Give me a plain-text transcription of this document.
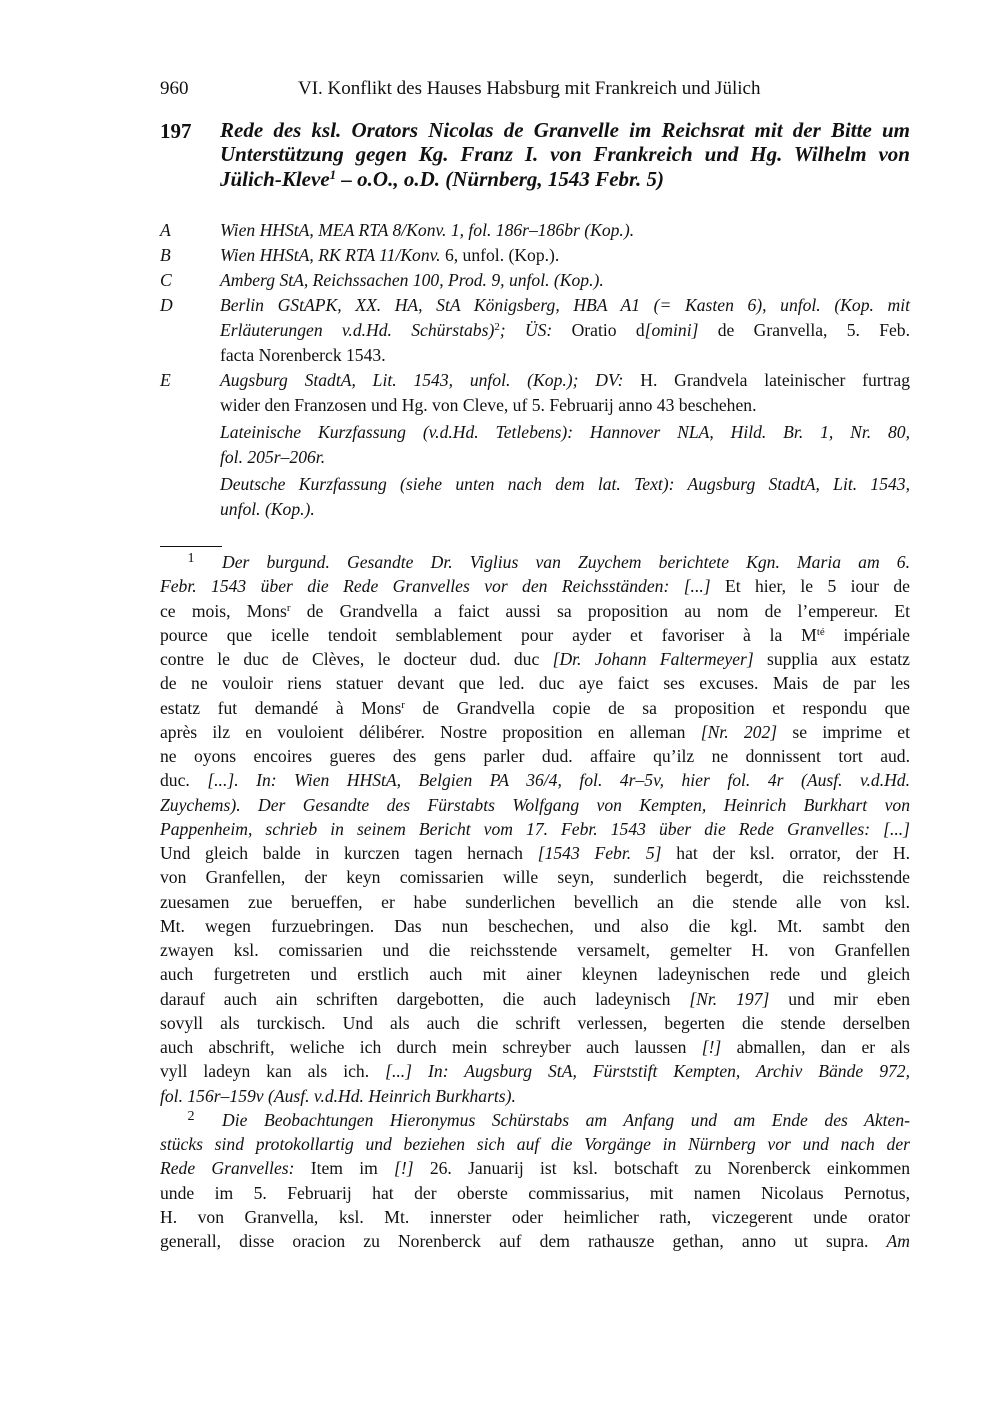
960	VI. Konflikt des Hauses Habsburg mit Frankreich und Jülich
197 Rede des ksl. Orators Nicolas de Granvelle im Reichsrat mit der Bitte um
Unterstützung gegen Kg. Franz I. von Frankreich und Hg. Wilhelm von
Jülich-Kleve$^1$ – o.O., o.D. (Nürnberg, 1543 Febr. 5)
A	Wien HHStA, MEA RTA 8/Konv. 1, fol. 186r–186br (Kop.).
B	Wien HHStA, RK RTA 11/Konv. 6, unfol. (Kop.).
C	Amberg StA, Reichssachen 100, Prod. 9, unfol. (Kop.).
D	Berlin GStAPK, XX. HA, StA Königsberg, HBA A1 (= Kasten 6), unfol. (Kop. mit
Erläuterungen v.d.Hd. Schürstabs)$^2$; ÜS: Oratio d[omini] de Granvella, 5. Feb.
facta Norenberck 1543.
E	Augsburg StadtA, Lit. 1543, unfol. (Kop.); DV: H. Grandvela lateinischer furtrag
wider den Franzosen und Hg. von Cleve, uf 5. Februarij anno 43 beschehen.
Lateinische Kurzfassung (v.d.Hd. Tetlebens): Hannover NLA, Hild. Br. 1, Nr. 80,
fol. 205r–206r.
Deutsche Kurzfassung (siehe unten nach dem lat. Text): Augsburg StadtA, Lit. 1543,
unfol. (Kop.).
1	Der burgund. Gesandte Dr. Viglius van Zuychem berichtete Kgn. Maria am 6.
Febr. 1543 über die Rede Granvelles vor den Reichsständen: [...] Et hier, le 5 iour de
ce mois, Mons$^r$ de Grandvella a faict aussi sa proposition au nom de l’empereur. Et
pource que icelle tendoit semblablement pour ayder et favoriser à la $M^{té}$ impériale
contre le duc de Clèves, le docteur dud. duc [Dr. Johann Faltermeyer] supplia aux estatz
de ne vouloir riens statuer devant que led. duc aye faict ses excuses. Mais de par les
estatz fut demandé à Mons$^r$ de Grandvella copie de sa proposition et respondu que
après ilz en vouloient délibérer. Nostre proposition en alleman [Nr. 202] se imprime et
ne oyons encoires gueres des gens parler dud. affaire qu’ilz ne donnissent tort aud.
duc. [...]. In: Wien HHStA, Belgien PA 36/4, fol. 4r–5v, hier fol. 4r (Ausf. v.d.Hd.
Zuychems). Der Gesandte des Fürstabts Wolfgang von Kempten, Heinrich Burkhart von
Pappenheim, schrieb in seinem Bericht vom 17. Febr. 1543 über die Rede Granvelles: [...]
Und gleich balde in kurczen tagen hernach [1543 Febr. 5] hat der ksl. orrator, der H.
von Granfellen, der keyn comissarien wille seyn, sunderlich begerdt, die reichsstende
zuesamen zue berueffen, er habe sunderlichen bevellich an die stende alle von ksl.
Mt. wegen furzuebringen. Das nun beschechen, und also die kgl. Mt. sambt den
zwayen ksl. comissarien und die reichsstende versamelt, gemelter H. von Granfellen
auch furgetreten und erstlich auch mit ainer kleynen ladeynischen rede und gleich
darauf auch ain schriften dargebotten, die auch ladeynisch [Nr. 197] und mir eben
sovyll als turckisch. Und als auch die schrift verlessen, begerten die stende derselben
auch abschrift, weliche ich durch mein schreyber auch laussen [!] abmallen, dan er als
vyll ladeyn kan als ich. [...] In: Augsburg StA, Fürststift Kempten, Archiv Bände 972,
fol. 156r–159v (Ausf. v.d.Hd. Heinrich Burkharts).
2	Die Beobachtungen Hieronymus Schürstabs am Anfang und am Ende des Akten-
stücks sind protokollartig und beziehen sich auf die Vorgänge in Nürnberg vor und nach der
Rede Granvelles: Item im [!] 26. Januarij ist ksl. botschaft zu Norenberck einkommen
unde im 5. Februarij hat der oberste commissarius, mit namen Nicolaus Pernotus,
H. von Granvella, ksl. Mt. innerster oder heimlicher rath, viczegerent unde orator
generall, disse oracion zu Norenberck auf dem rathausze gethan, anno ut supra. Am
